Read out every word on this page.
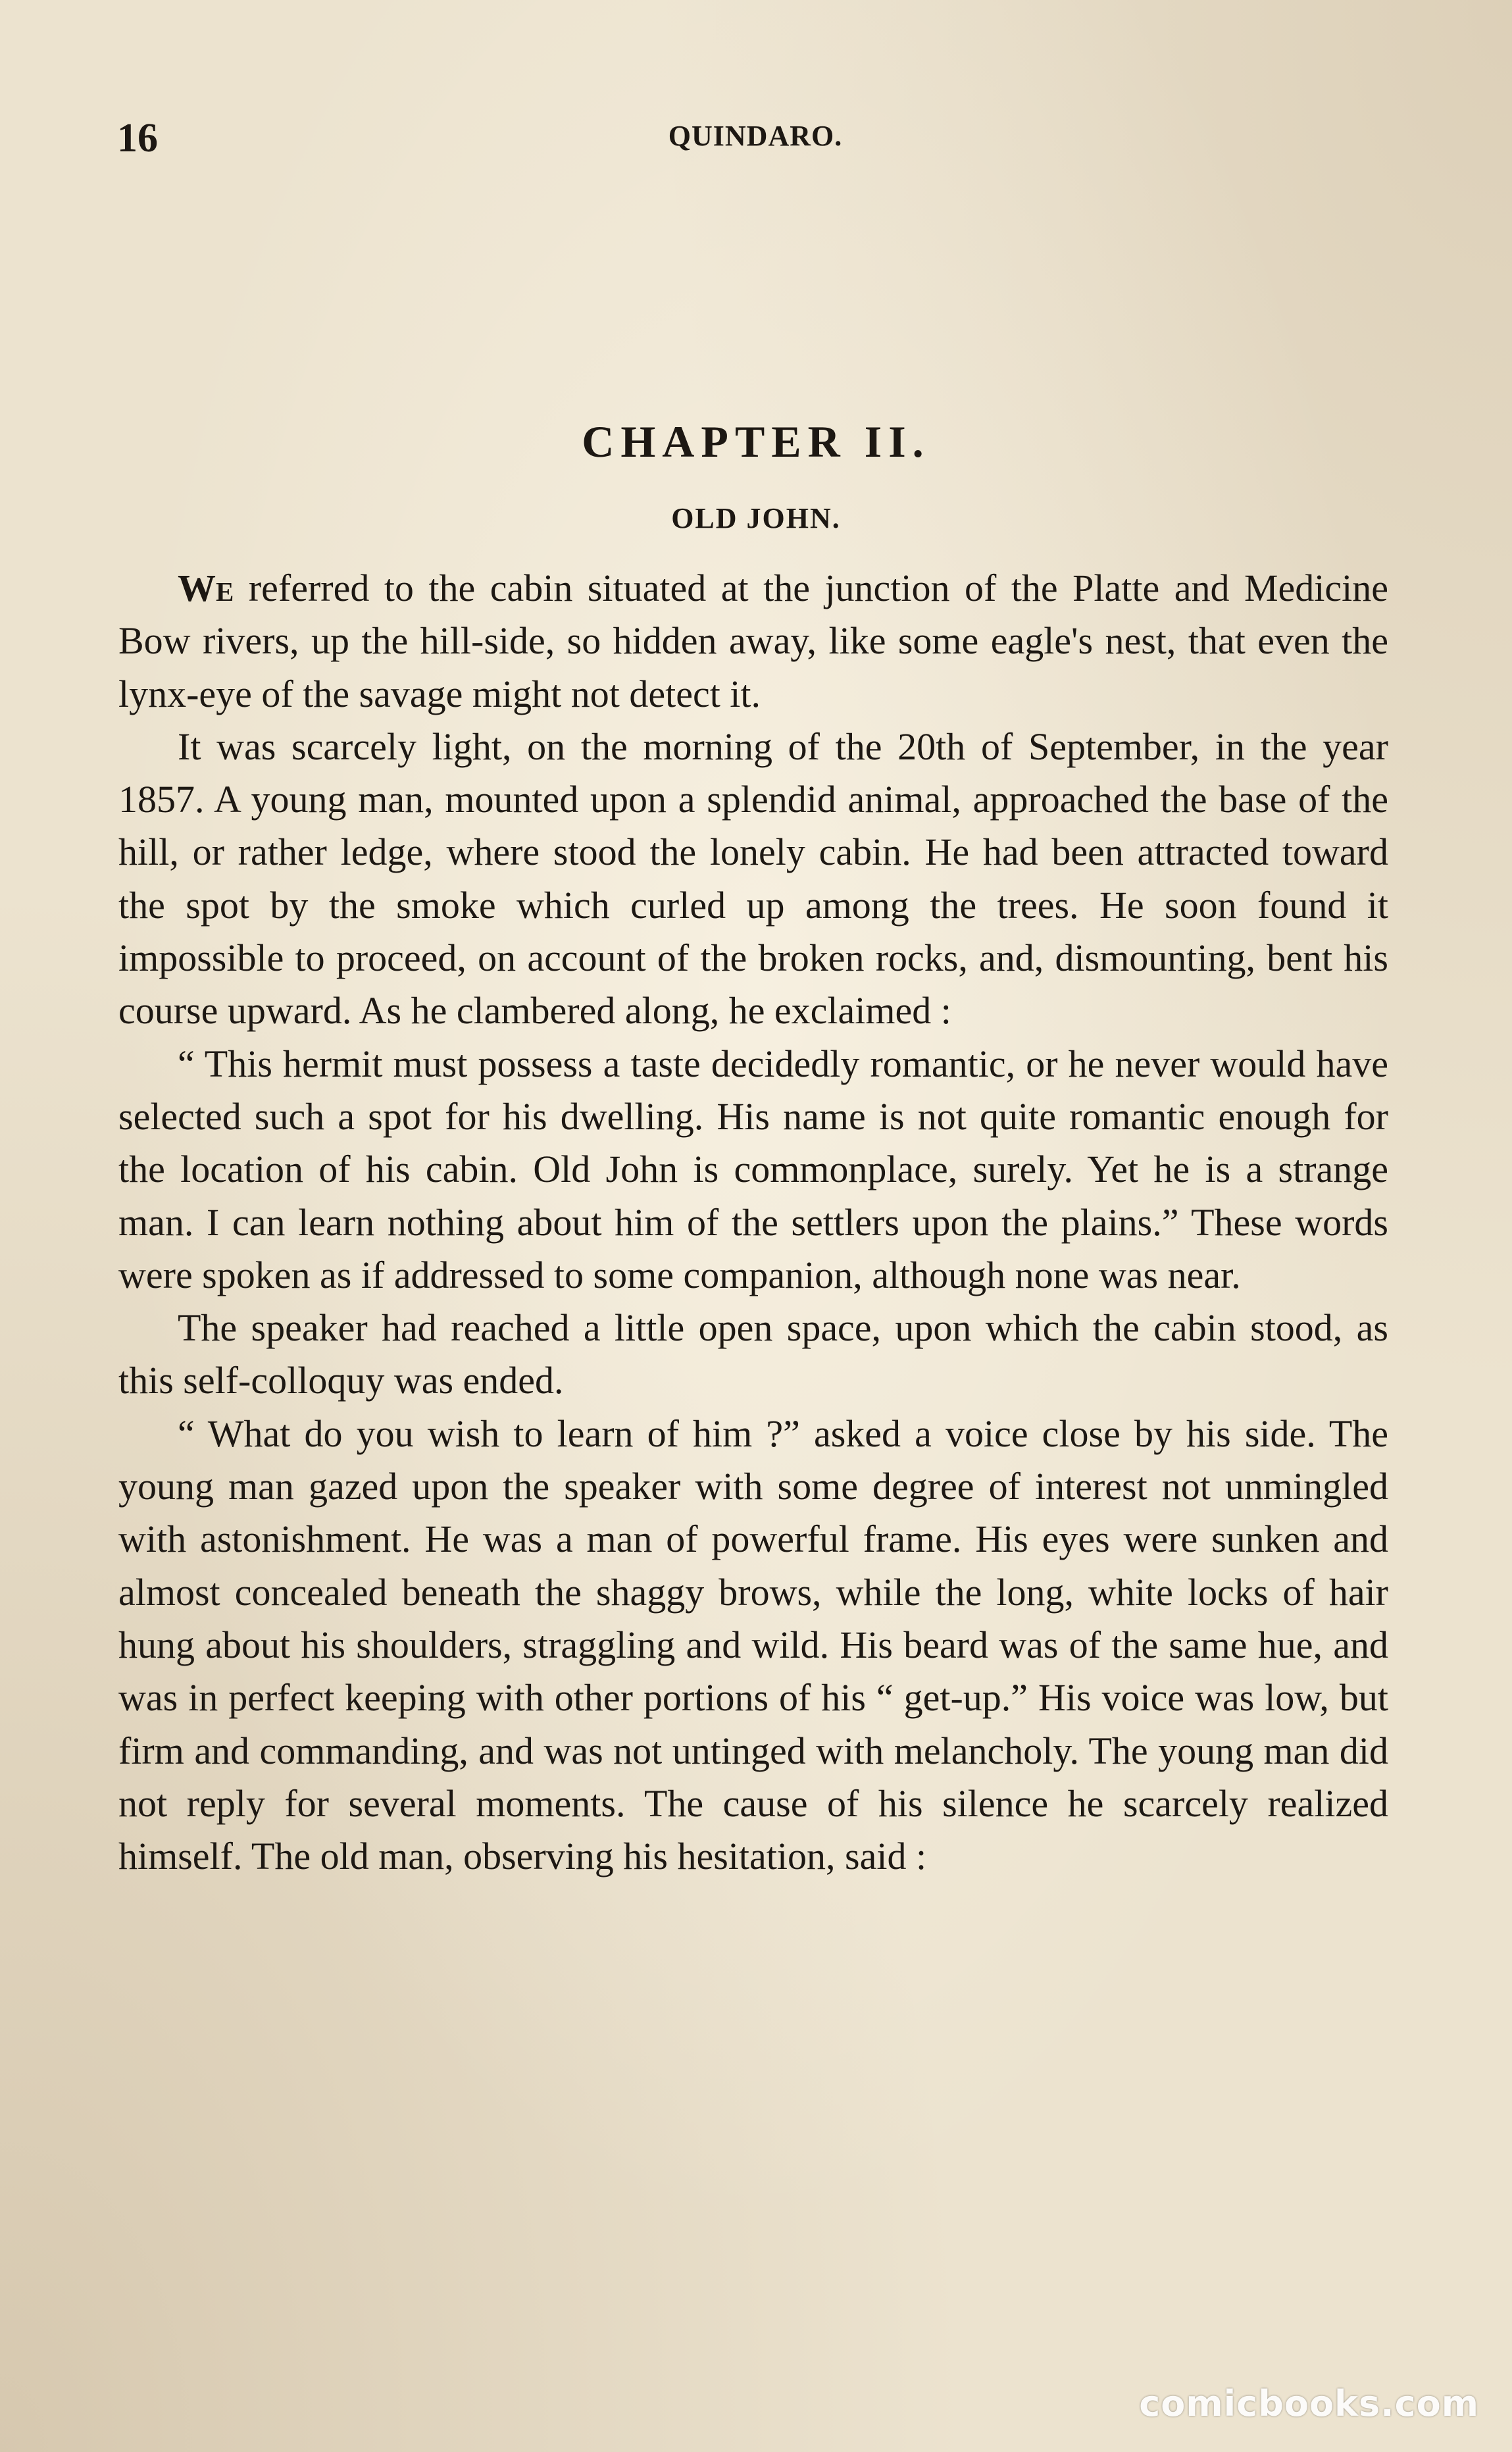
16	QUINDARO.
CHAPTER II.
OLD JOHN.

We referred to the cabin situated at the junction of the Platte and Medicine Bow rivers, up the hill-side, so hidden away, like some eagle's nest, that even the lynx-eye of the savage might not detect it.

It was scarcely light, on the morning of the 20th of September, in the year 1857. A young man, mounted upon a splendid animal, approached the base of the hill, or rather ledge, where stood the lonely cabin. He had been attracted toward the spot by the smoke which curled up among the trees. He soon found it impossible to proceed, on account of the broken rocks, and, dismounting, bent his course upward. As he clambered along, he exclaimed :

“ This hermit must possess a taste decidedly romantic, or he never would have selected such a spot for his dwelling. His name is not quite romantic enough for the location of his cabin. Old John is commonplace, surely. Yet he is a strange man. I can learn nothing about him of the settlers upon the plains.” These words were spoken as if addressed to some companion, although none was near.

The speaker had reached a little open space, upon which the cabin stood, as this self-colloquy was ended.

“ What do you wish to learn of him ?” asked a voice close by his side. The young man gazed upon the speaker with some degree of interest not unmingled with astonishment. He was a man of powerful frame. His eyes were sunken and almost concealed beneath the shaggy brows, while the long, white locks of hair hung about his shoulders, straggling and wild. His beard was of the same hue, and was in perfect keeping with other portions of his “ get-up.” His voice was low, but firm and commanding, and was not untinged with melancholy. The young man did not reply for several moments. The cause of his silence he scarcely realized himself. The old man, observing his hesitation, said :

comicbooks.com
